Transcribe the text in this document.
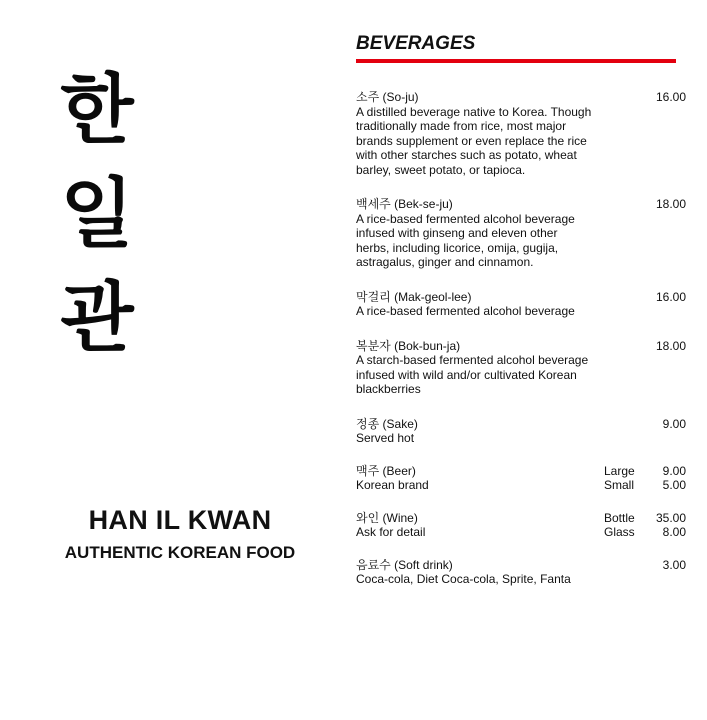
한
일
관
HAN IL KWAN
AUTHENTIC KOREAN FOOD
BEVERAGES
소주 (So-ju)
A distilled beverage native to Korea. Though traditionally made from rice, most major brands supplement or even replace the rice with other starches such as potato, wheat barley, sweet potato, or tapioca.
16.00
백세주 (Bek-se-ju)
A rice-based fermented alcohol beverage infused with ginseng and eleven other herbs, including licorice, omija, gugija, astragalus, ginger and cinnamon.
18.00
막걸리 (Mak-geol-lee)
A rice-based fermented alcohol beverage
16.00
복분자 (Bok-bun-ja)
A starch-based fermented alcohol beverage infused with wild and/or cultivated Korean blackberries
18.00
정종 (Sake)
Served hot
9.00
맥주 (Beer)
Korean brand
Large
Small
9.00
5.00
와인 (Wine)
Ask for detail
Bottle
Glass
35.00
8.00
음료수 (Soft drink)
Coca-cola, Diet Coca-cola, Sprite, Fanta
3.00
